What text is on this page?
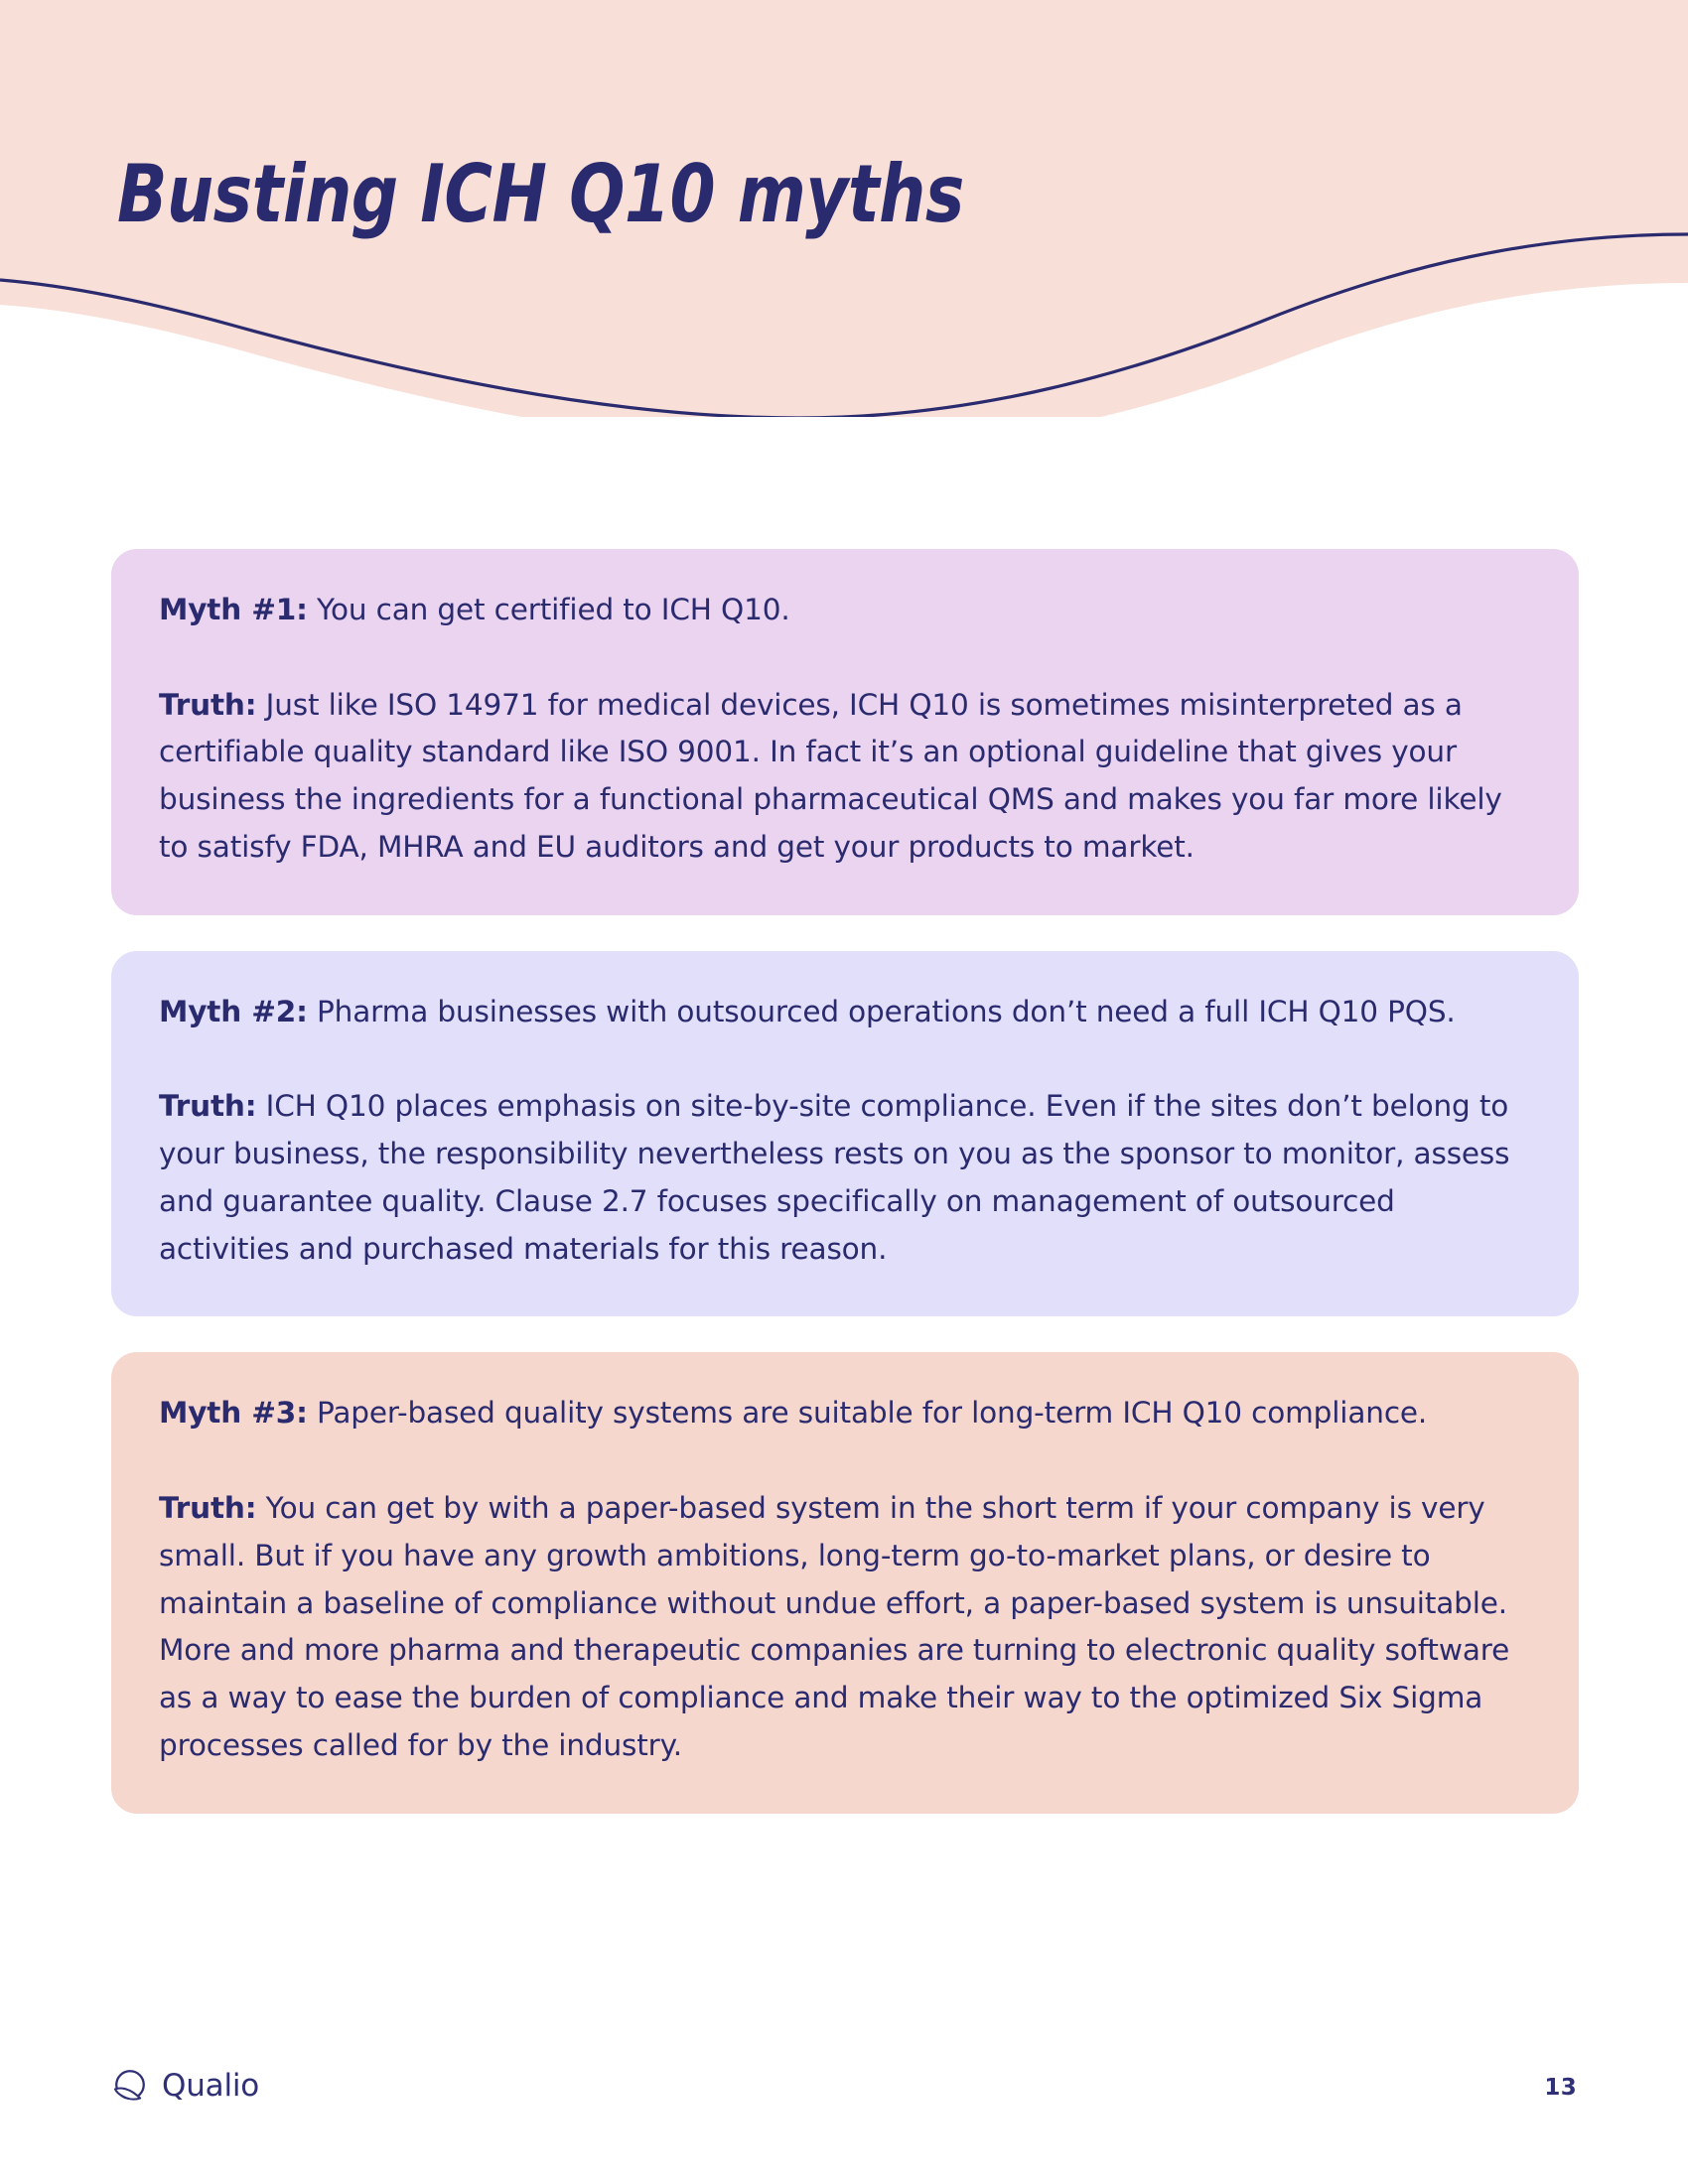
Busting ICH Q10 myths

Myth #1: You can get certified to ICH Q10.

Truth: Just like ISO 14971 for medical devices, ICH Q10 is sometimes misinterpreted as a certifiable quality standard like ISO 9001. In fact it’s an optional guideline that gives your business the ingredients for a functional pharmaceutical QMS and makes you far more likely to satisfy FDA, MHRA and EU auditors and get your products to market.

Myth #2: Pharma businesses with outsourced operations don’t need a full ICH Q10 PQS.

Truth: ICH Q10 places emphasis on site-by-site compliance. Even if the sites don’t belong to your business, the responsibility nevertheless rests on you as the sponsor to monitor, assess and guarantee quality. Clause 2.7 focuses specifically on management of outsourced activities and purchased materials for this reason.

Myth #3: Paper-based quality systems are suitable for long-term ICH Q10 compliance.

Truth: You can get by with a paper-based system in the short term if your company is very small. But if you have any growth ambitions, long-term go-to-market plans, or desire to maintain a baseline of compliance without undue effort, a paper-based system is unsuitable. More and more pharma and therapeutic companies are turning to electronic quality software as a way to ease the burden of compliance and make their way to the optimized Six Sigma processes called for by the industry.

Qualio	13
